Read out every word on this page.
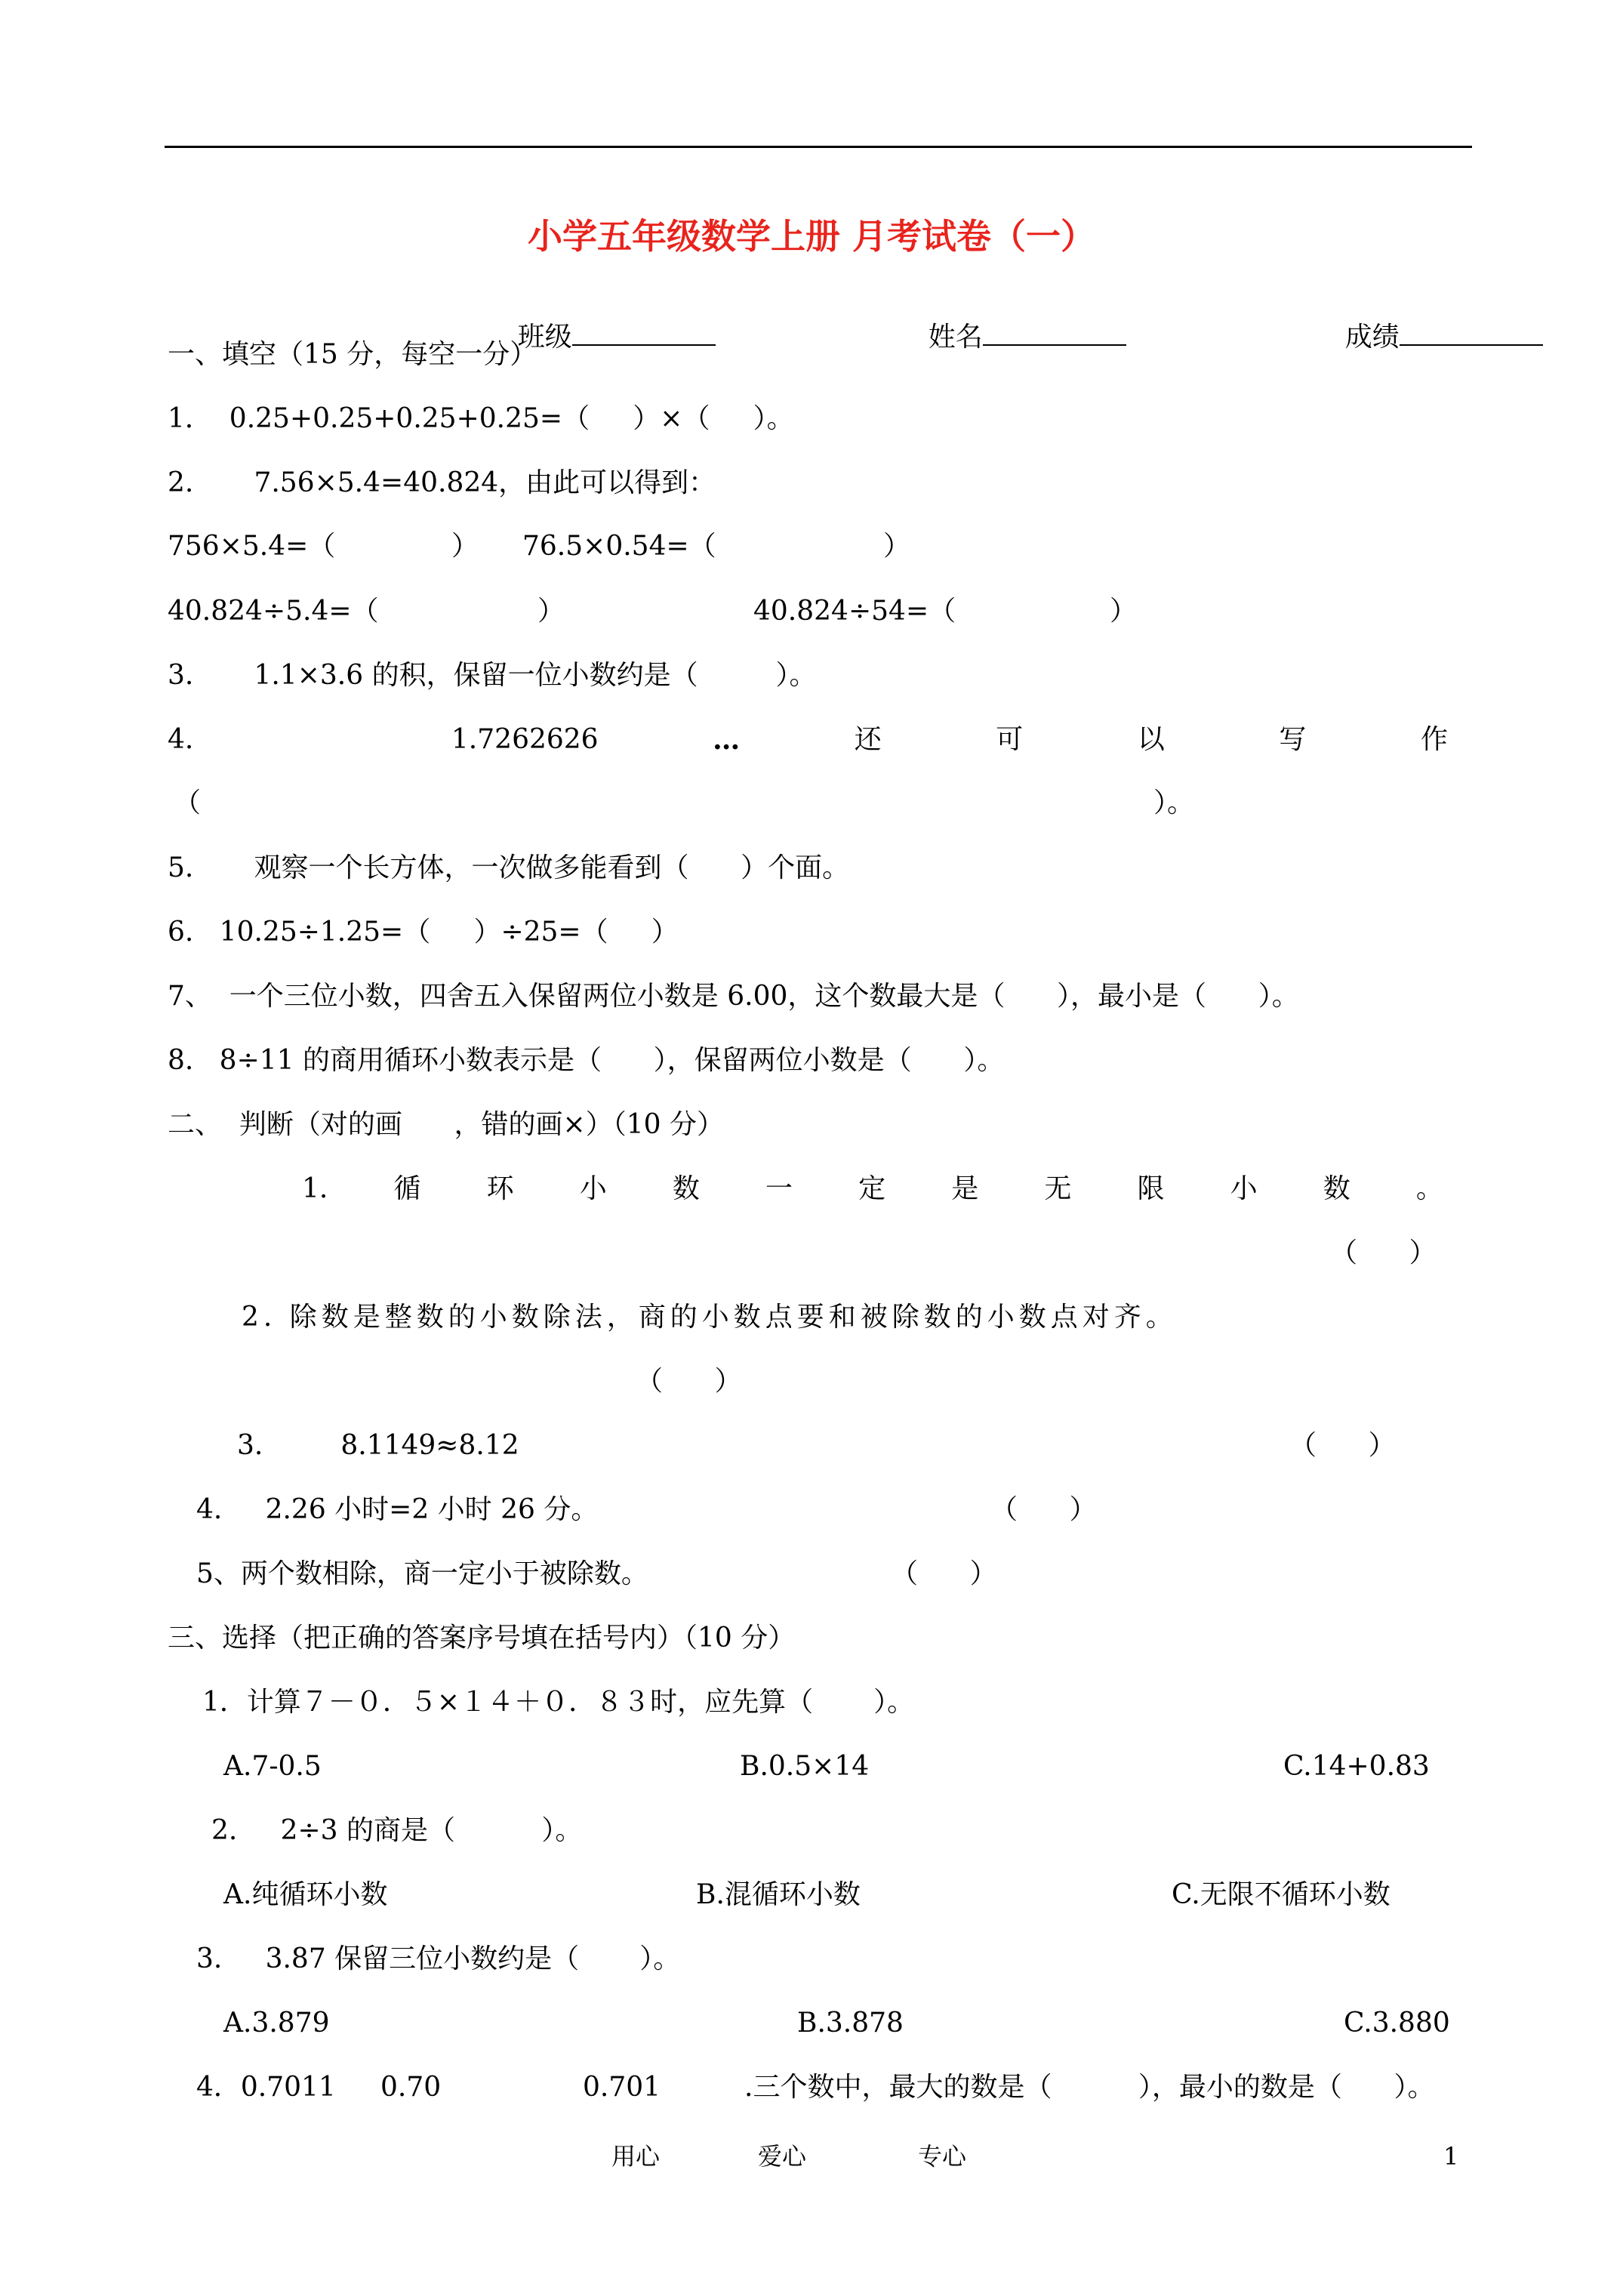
小学五年级数学上册 月考试卷（一）

班级
	姓名
	成绩

一、填空（15 分，每空一分）
1．  0.25+0.25+0.25+0.25=（     ）×（     ）。
2.       7.56×5.4=40.824，由此可以得到：
756×5.4=（	） 76.5×0.54=（	）
40.824÷5.4=（	）	40.824÷54=（	）
3.       1.1×3.6 的积，保留一位小数约是（         ）。
4.	1.7262626	…	还	可	以	写	作
（	）。
5.       观察一个长方体，一次做多能看到（      ）个面。
6.   10.25÷1.25=（     ）÷25=（     ）
7、  一个三位小数，四舍五入保留两位小数是 6.00，这个数最大是（      ），最小是（      ）。
8.   8÷11 的商用循环小数表示是（      ），保留两位小数是（      ）。
二、  判断（对的画      ，错的画×）（10 分）
1. 循 环 小 数 一 定 是 无 限 小 数 。
（      ）
2. 除数是整数的小数除法，商的小数点要和被除数的小数点对齐。
（      ）
3.         8.1149≈8.12	（      ）
4.     2.26 小时=2 小时 26 分。	（      ）
5、两个数相除，商一定小于被除数。	（      ）
三、选择（把正确的答案序号填在括号内）（10 分）
1．计算７－０．５×１４＋０．８３时，应先算（       ）。
A.7-0.5	B.0.5×14	C.14+0.83
2.     2÷3 的商是（          ）。
A.纯循环小数	B.混循环小数	C.无限不循环小数
3.     3.87 保留三位小数约是（       ）。
A.3.879	B.3.878	C.3.880
4．0.7011 0.70	0.701	.三个数中，最大的数是（          ），最小的数是（      ）。
用心	爱心	专心	1
